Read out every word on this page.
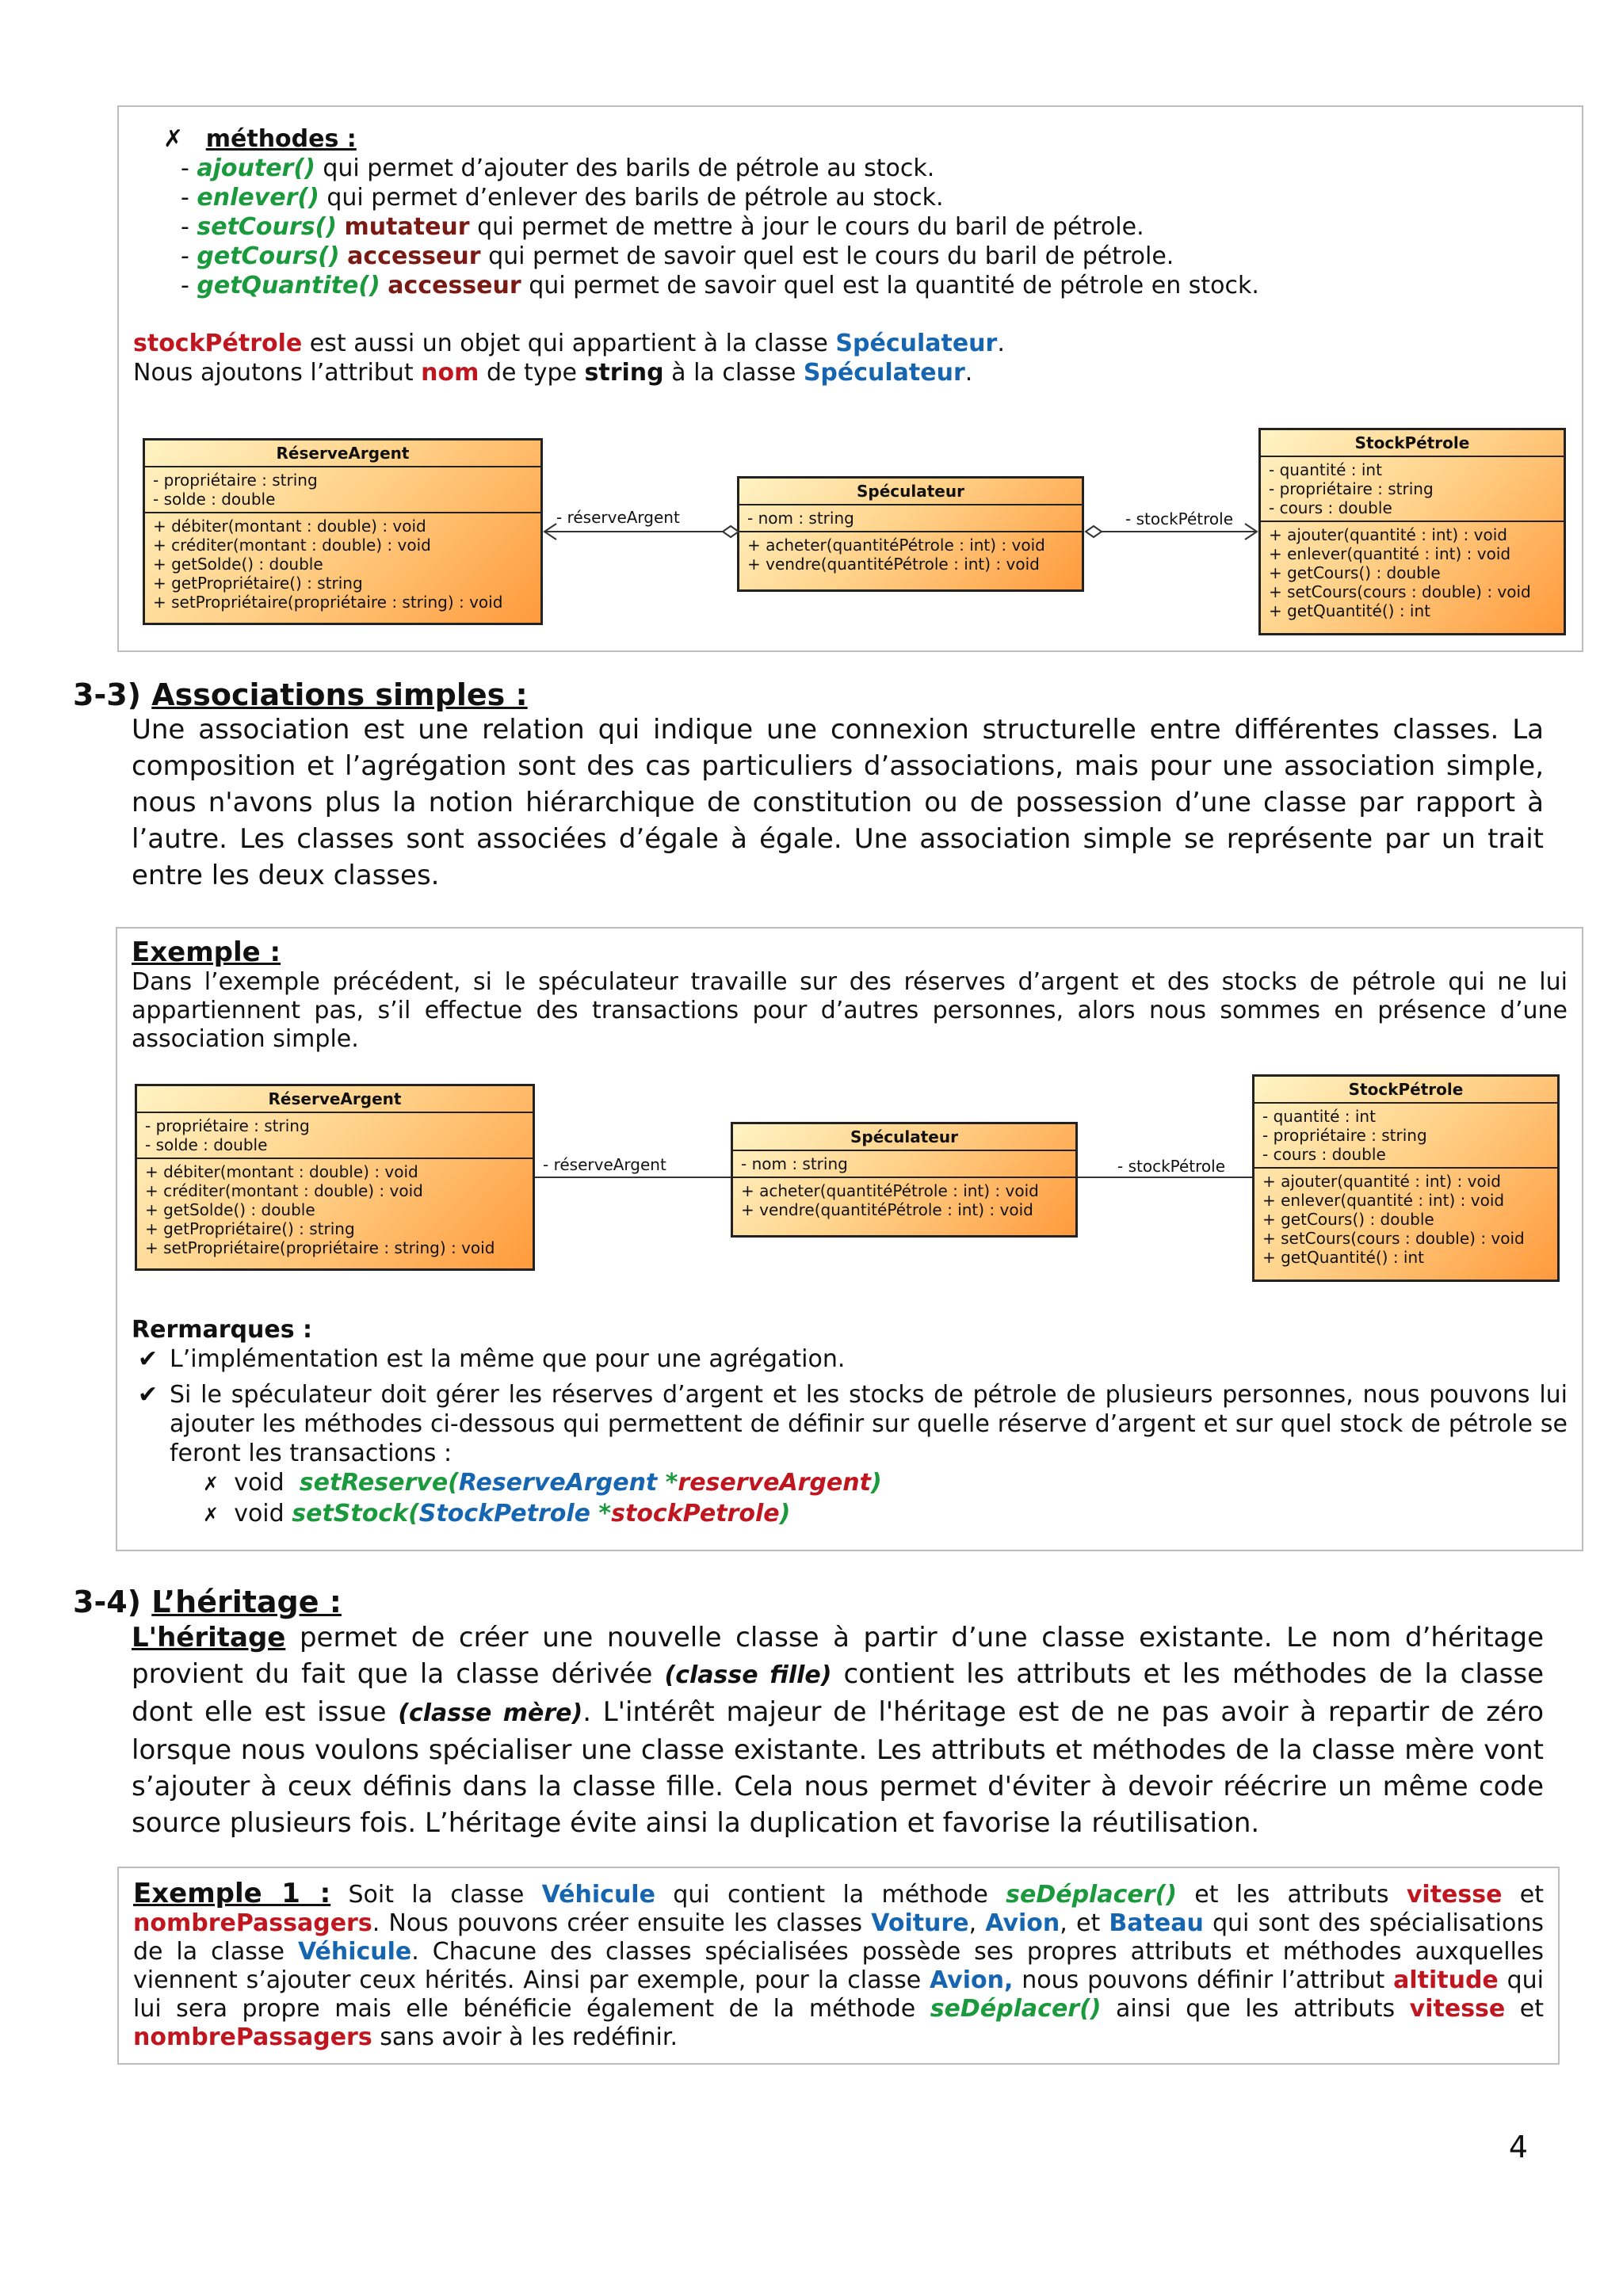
✗ méthodes :
- ajouter() qui permet d’ajouter des barils de pétrole au stock.
- enlever() qui permet d’enlever des barils de pétrole au stock.
- setCours() mutateur qui permet de mettre à jour le cours du baril de pétrole.
- getCours() accesseur qui permet de savoir quel est le cours du baril de pétrole.
- getQuantite() accesseur qui permet de savoir quel est la quantité de pétrole en stock.

stockPétrole est aussi un objet qui appartient à la classe Spéculateur.

Nous ajoutons l’attribut nom de type string à la classe Spéculateur.

RéserveArgent
- propriétaire : string
- solde : double
+ débiter(montant : double) : void
+ créditer(montant : double) : void
+ getSolde() : double
+ getPropriétaire() : string
+ setPropriétaire(propriétaire : string) : void
Spéculateur
- nom : string
+ acheter(quantitéPétrole : int) : void
+ vendre(quantitéPétrole : int) : void
StockPétrole
- quantité : int
- propriétaire : string
- cours : double
+ ajouter(quantité : int) : void
+ enlever(quantité : int) : void
+ getCours() : double
+ setCours(cours : double) : void
+ getQuantité() : int
- réserveArgent	- stockPétrole
3-3) Associations simples :

Une association est une relation qui indique une connexion structurelle entre différentes classes. La composition et l’agrégation sont des cas particuliers d’associations, mais pour une association simple, nous n'avons plus la notion hiérarchique de constitution ou de possession d’une classe par rapport à l’autre. Les classes sont associées d’égale à égale. Une association simple se représente par un trait entre les deux classes.

Exemple :

Dans l’exemple précédent, si le spéculateur travaille sur des réserves d’argent et des stocks de pétrole qui ne lui appartiennent pas, s’il effectue des transactions pour d’autres personnes, alors nous sommes en présence d’une association simple.

RéserveArgent
- propriétaire : string
- solde : double
+ débiter(montant : double) : void
+ créditer(montant : double) : void
+ getSolde() : double
+ getPropriétaire() : string
+ setPropriétaire(propriétaire : string) : void
Spéculateur
- nom : string
+ acheter(quantitéPétrole : int) : void
+ vendre(quantitéPétrole : int) : void
StockPétrole
- quantité : int
- propriétaire : string
- cours : double
+ ajouter(quantité : int) : void
+ enlever(quantité : int) : void
+ getCours() : double
+ setCours(cours : double) : void
+ getQuantité() : int
- réserveArgent	- stockPétrole
Rermarques :
✔ L’implémentation est la même que pour une agrégation.
✔ Si le spéculateur doit gérer les réserves d’argent et les stocks de pétrole de plusieurs personnes, nous pouvons lui ajouter les méthodes ci-dessous qui permettent de définir sur quelle réserve d’argent et sur quel stock de pétrole se feront les transactions :
✗ void setReserve(ReserveArgent *reserveArgent)
✗ void setStock(StockPetrole *stockPetrole)
3-4) L’héritage :

L'héritage permet de créer une nouvelle classe à partir d’une classe existante. Le nom d’héritage provient du fait que la classe dérivée (classe fille) contient les attributs et les méthodes de la classe dont elle est issue (classe mère). L'intérêt majeur de l'héritage est de ne pas avoir à repartir de zéro lorsque nous voulons spécialiser une classe existante. Les attributs et méthodes de la classe mère vont s’ajouter à ceux définis dans la classe fille. Cela nous permet d'éviter à devoir réécrire un même code source plusieurs fois. L’héritage évite ainsi la duplication et favorise la réutilisation.

Exemple 1 : Soit la classe Véhicule qui contient la méthode seDéplacer() et les attributs vitesse et nombrePassagers. Nous pouvons créer ensuite les classes Voiture, Avion, et Bateau qui sont des spécialisations de la classe Véhicule. Chacune des classes spécialisées possède ses propres attributs et méthodes auxquelles viennent s’ajouter ceux hérités. Ainsi par exemple, pour la classe Avion, nous pouvons définir l’attribut altitude qui lui sera propre mais elle bénéficie également de la méthode seDéplacer() ainsi que les attributs vitesse et nombrePassagers sans avoir à les redéfinir.

4
